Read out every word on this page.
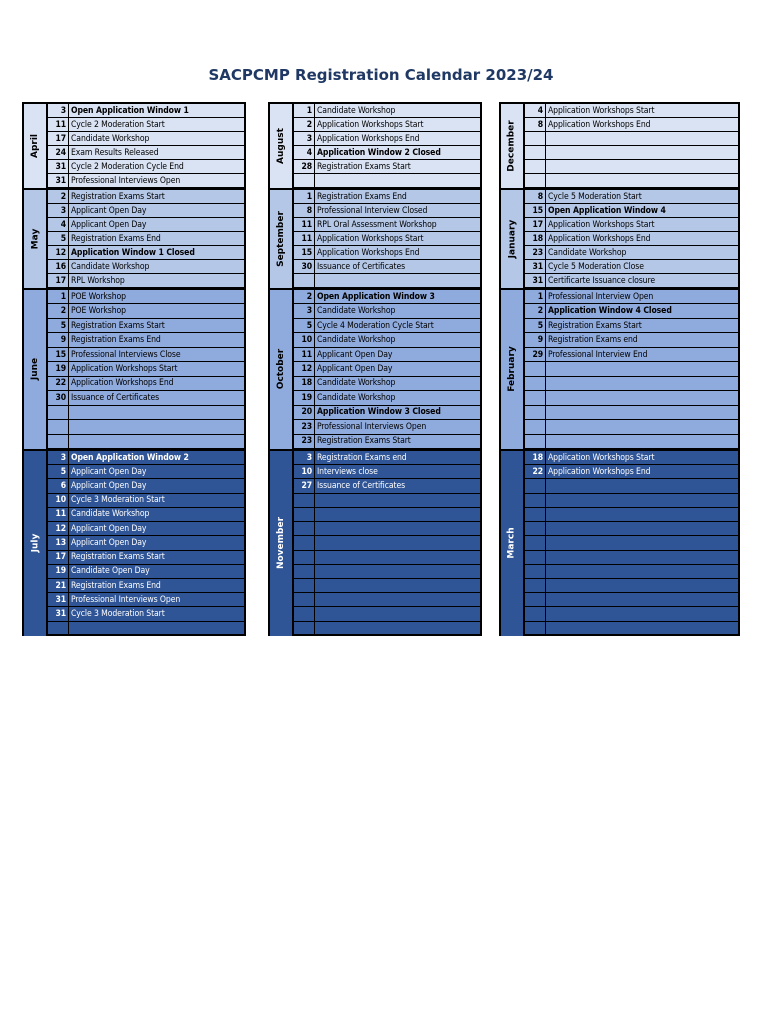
SACPCMP Registration Calendar 2023/24
April
3
11
17
24
31
31
Open Application Window 1
Cycle 2 Moderation Start
Candidate Workshop
Exam Results Released
Cycle 2 Moderation Cycle End
Professional Interviews Open
May
2
3
4
5
12
16
17
Registration Exams Start
Applicant Open Day
Applicant Open Day
Registration Exams End
Application Window 1 Closed
Candidate Workshop
RPL Workshop
June
1
2
5
9
15
19
22
30
POE Workshop
POE Workshop
Registration Exams Start
Registration Exams End
Professional Interviews Close
Application Workshops Start
Application Workshops End
Issuance of Certificates
July
3
5
6
10
11
12
13
17
19
21
31
31
Open Application Window 2
Applicant Open Day
Applicant Open Day
Cycle 3 Moderation Start
Candidate Workshop
Applicant Open Day
Applicant Open Day
Registration Exams Start
Candidate Open Day
Registration Exams End
Professional Interviews Open
Cycle 3 Moderation Start
August
1
2
3
4
28
Candidate Workshop
Application Workshops Start
Application Workshops End
Application Window 2 Closed
Registration Exams Start
September
1
8
11
11
15
30
Registration Exams End
Professional Interview Closed
RPL Oral Assessment Workshop
Application Workshops Start
Application Workshops End
Issuance of Certificates
October
2
3
5
10
11
12
18
19
20
23
23
Open Application Window 3
Candidate Workshop
Cycle 4 Moderation Cycle Start
Candidate Workshop
Applicant Open Day
Applicant Open Day
Candidate Workshop
Candidate Workshop
Application Window 3 Closed
Professional Interviews Open
Registration Exams Start
November
3
10
27
Registration Exams end
Interviews close
Issuance of Certificates
December
4
8
Application Workshops Start
Application Workshops End
January
8
15
17
18
23
31
31
Cycle 5 Moderation Start
Open Application Window 4
Application Workshops Start
Application Workshops End
Candidate Workshop
Cycle 5 Moderation Close
Certificarte Issuance closure
February
1
2
5
9
29
Professional Interview Open
Application Window 4 Closed
Registration Exams Start
Registration Exams end
Professional Interview End
March
18
22
Application Workshops Start
Application Workshops End
